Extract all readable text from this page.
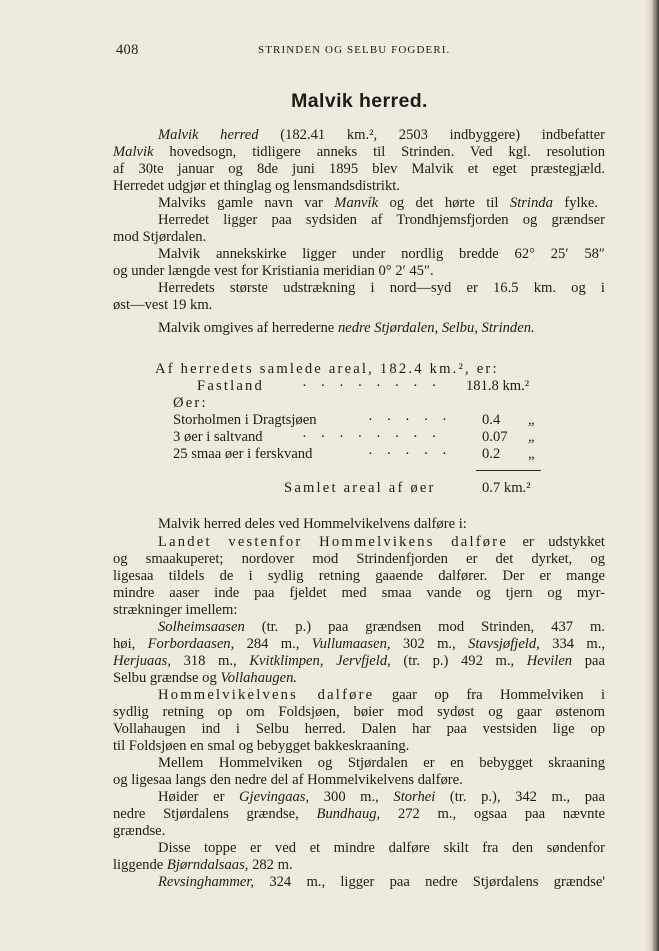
408	STRINDEN OG SELBU FOGDERI.
Malvik herred.
Malvik herred (182.41 km.², 2503 indbyggere) indbefatter
Malvik hovedsogn, tidligere anneks til Strinden. Ved kgl. resolution
af 30te januar og 8de juni 1895 blev Malvik et eget præstegjæld.
Herredet udgjør et thinglag og lensmandsdistrikt.
Malviks gamle navn var Manvík og det hørte til Strinda fylke.
Herredet ligger paa sydsiden af Trondhjemsfjorden og grændser
mod Stjørdalen.
Malvik annekskirke ligger under nordlig bredde 62° 25′ 58″
og under længde vest for Kristiania meridian 0° 2′ 45″.
Herredets største udstrækning i nord—syd er 16.5 km. og i
øst—vest 19 km.
Malvik omgives af herrederne nedre Stjørdalen, Selbu, Strinden.
Af herredets samlede areal, 182.4 km.², er:
Fastland	· · · · · · · · 181.8 km.²
Øer:
Storholmen i Dragtsjøen	· · · · · 0.4 „
3 øer i saltvand	· · · · · · · ·	0.07 „
25 smaa øer i ferskvand	· · · · · 0.2 „
Samlet areal af øer	0.7 km.²
Malvik herred deles ved Hommelvikelvens dalføre i:
Landet vestenfor Hommelvikens dalføre er udstykket
og smaakuperet; nordover mod Strindenfjorden er det dyrket, og
ligesaa tildels de i sydlig retning gaaende dalfører. Der er mange
mindre aaser inde paa fjeldet med smaa vande og tjern og myr-
strækninger imellem:
Solheimsaasen (tr. p.) paa grændsen mod Strinden, 437 m.
høi, Forbordaasen, 284 m., Vullumaasen, 302 m., Stavsjøfjeld, 334 m.,
Herjuaas, 318 m., Kvitklimpen, Jervfjeld, (tr. p.) 492 m., Hevilen paa
Selbu grændse og Vollahaugen.
Hommelvikelvens dalføre gaar op fra Hommelviken i
sydlig retning op om Foldsjøen, bøier mod sydøst og gaar østenom
Vollahaugen ind i Selbu herred. Dalen har paa vestsiden lige op
til Foldsjøen en smal og bebygget bakkeskraaning.
Mellem Hommelviken og Stjørdalen er en bebygget skraaning
og ligesaa langs den nedre del af Hommelvikelvens dalføre.
Høider er Gjevingaas, 300 m., Storhei (tr. p.), 342 m., paa
nedre Stjørdalens grændse, Bundhaug, 272 m., ogsaa paa nævnte
grændse.
Disse toppe er ved et mindre dalføre skilt fra den søndenfor
liggende Bjørndalsaas, 282 m.
Revsinghammer, 324 m., ligger paa nedre Stjørdalens grændse'
